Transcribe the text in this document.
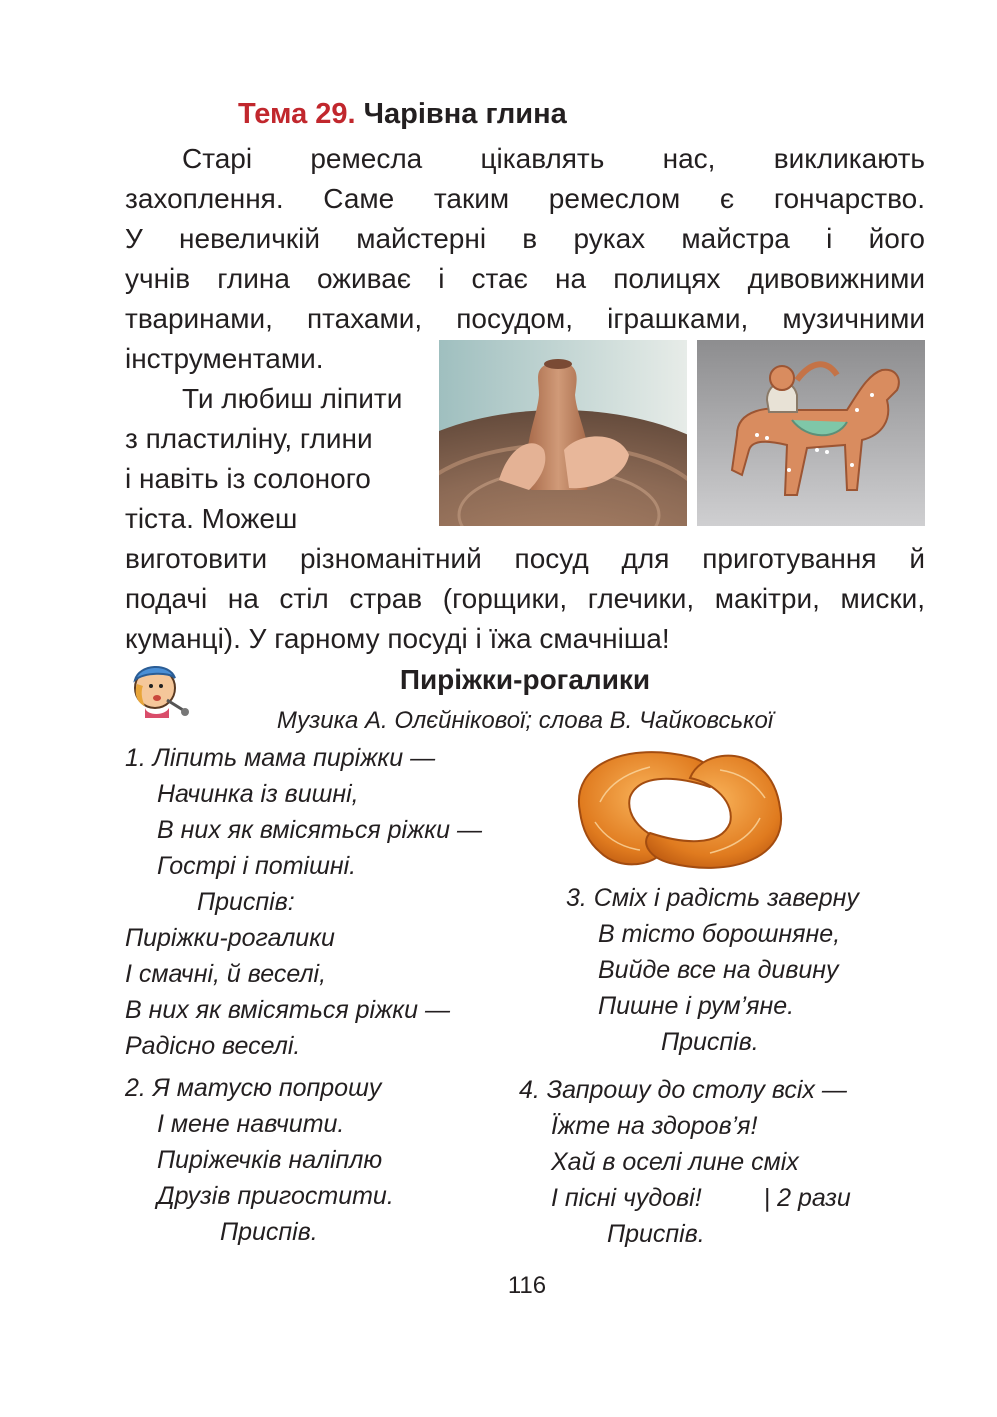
Тема 29. Чарівна глина
Старі ремесла цікавлять нас, викликають
захоплення. Саме таким ремеслом є гончарство.
У невеличкій майстерні в руках майстра і його
учнів глина оживає і стає на полицях дивовижними
тваринами, птахами, посудом, іграшками, музичними
інструментами.
Ти любиш ліпити
з пластиліну, глини
і навіть із солоного
тіста. Можеш
виготовити різноманітний посуд для приготування й
подачі на стіл страв (горщики, глечики, макітри, миски,
куманці). У гарному посуді і їжа смачніша!
Пиріжки-рогалики
Музика А. Олєйнікової; слова В. Чайковської
1. Ліпить мама пиріжки —
Начинка із вишні,
В них як вмісяться ріжки —
Гострі і потішні.
Приспів:
Пиріжки-рогалики
І смачні, й веселі,
В них як вмісяться ріжки —
Радісно веселі.
2. Я матусю попрошу
І мене навчити.
Пиріжечків наліплю
Друзів пригостити.
Приспів.
3. Сміх і радість заверну
В тісто борошняне,
Вийде все на дивину
Пишне і рум’яне.
Приспів.
4. Запрошу до столу всіх —
Їжте на здоров’я!
Хай в оселі лине сміх
І пісні чудові! | 2 рази
Приспів.
116
